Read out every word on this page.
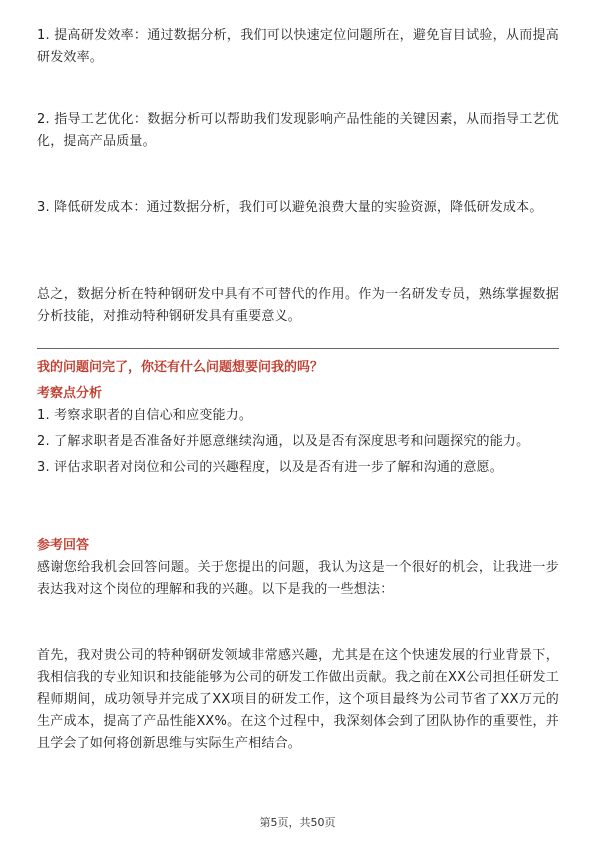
1. 提高研发效率：通过数据分析，我们可以快速定位问题所在，避免盲目试验，从而提高研发效率。

2. 指导工艺优化：数据分析可以帮助我们发现影响产品性能的关键因素，从而指导工艺优化，提高产品质量。

3. 降低研发成本：通过数据分析，我们可以避免浪费大量的实验资源，降低研发成本。

总之，数据分析在特种钢研发中具有不可替代的作用。作为一名研发专员，熟练掌握数据分析技能，对推动特种钢研发具有重要意义。

我的问题问完了，你还有什么问题想要问我的吗？

考察点分析

1. 考察求职者的自信心和应变能力。

2. 了解求职者是否准备好并愿意继续沟通，以及是否有深度思考和问题探究的能力。

3. 评估求职者对岗位和公司的兴趣程度，以及是否有进一步了解和沟通的意愿。

参考回答

感谢您给我机会回答问题。关于您提出的问题，我认为这是一个很好的机会，让我进一步表达我对这个岗位的理解和我的兴趣。以下是我的一些想法：

首先，我对贵公司的特种钢研发领域非常感兴趣，尤其是在这个快速发展的行业背景下，我相信我的专业知识和技能能够为公司的研发工作做出贡献。我之前在XX公司担任研发工程师期间，成功领导并完成了XX项目的研发工作，这个项目最终为公司节省了XX万元的生产成本，提高了产品性能XX%。在这个过程中，我深刻体会到了团队协作的重要性，并且学会了如何将创新思维与实际生产相结合。

第5页，共50页
